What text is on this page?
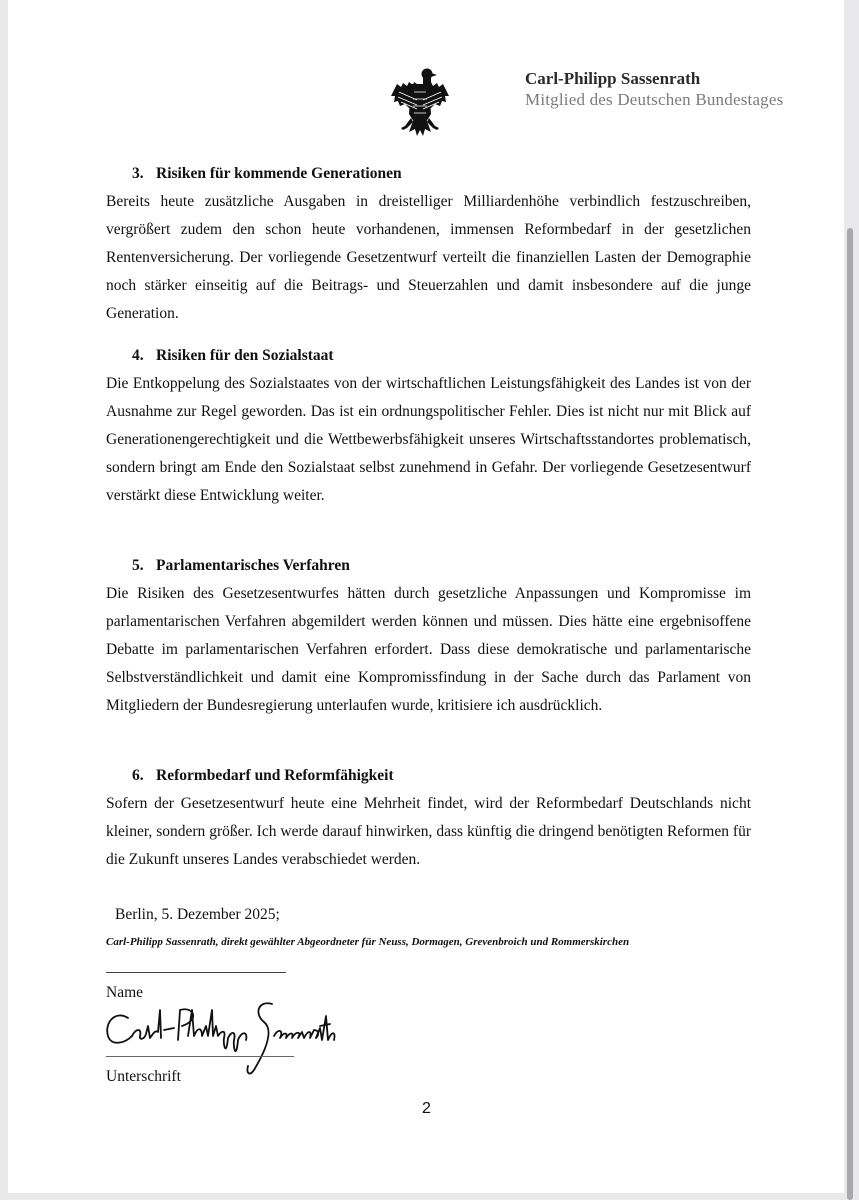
Carl-Philipp Sassenrath
Mitglied des Deutschen Bundestages
3. Risiken für kommende Generationen

Bereits heute zusätzliche Ausgaben in dreistelliger Milliardenhöhe verbindlich festzuschreiben, vergrößert zudem den schon heute vorhandenen, immensen Reformbedarf in der gesetzlichen Rentenversicherung. Der vorliegende Gesetzentwurf verteilt die finanziellen Lasten der Demographie noch stärker einseitig auf die Beitrags- und Steuerzahlen und damit insbesondere auf die junge Generation.

4. Risiken für den Sozialstaat

Die Entkoppelung des Sozialstaates von der wirtschaftlichen Leistungsfähigkeit des Landes ist von der Ausnahme zur Regel geworden. Das ist ein ordnungspolitischer Fehler. Dies ist nicht nur mit Blick auf Generationengerechtigkeit und die Wettbewerbsfähigkeit unseres Wirtschaftsstandortes problematisch, sondern bringt am Ende den Sozialstaat selbst zunehmend in Gefahr. Der vorliegende Gesetzesentwurf verstärkt diese Entwicklung weiter.

5. Parlamentarisches Verfahren

Die Risiken des Gesetzesentwurfes hätten durch gesetzliche Anpassungen und Kompromisse im parlamentarischen Verfahren abgemildert werden können und müssen. Dies hätte eine ergebnisoffene Debatte im parlamentarischen Verfahren erfordert. Dass diese demokratische und parlamentarische Selbstverständlichkeit und damit eine Kompromissfindung in der Sache durch das Parlament von Mitgliedern der Bundesregierung unterlaufen wurde, kritisiere ich ausdrücklich.

6. Reformbedarf und Reformfähigkeit

Sofern der Gesetzesentwurf heute eine Mehrheit findet, wird der Reformbedarf Deutschlands nicht kleiner, sondern größer. Ich werde darauf hinwirken, dass künftig die dringend benötigten Reformen für die Zukunft unseres Landes verabschiedet werden.

Berlin, 5. Dezember 2025;
Carl-Philipp Sassenrath, direkt gewählter Abgeordneter für Neuss, Dormagen, Grevenbroich und Rommerskirchen
Name
Unterschrift
2
